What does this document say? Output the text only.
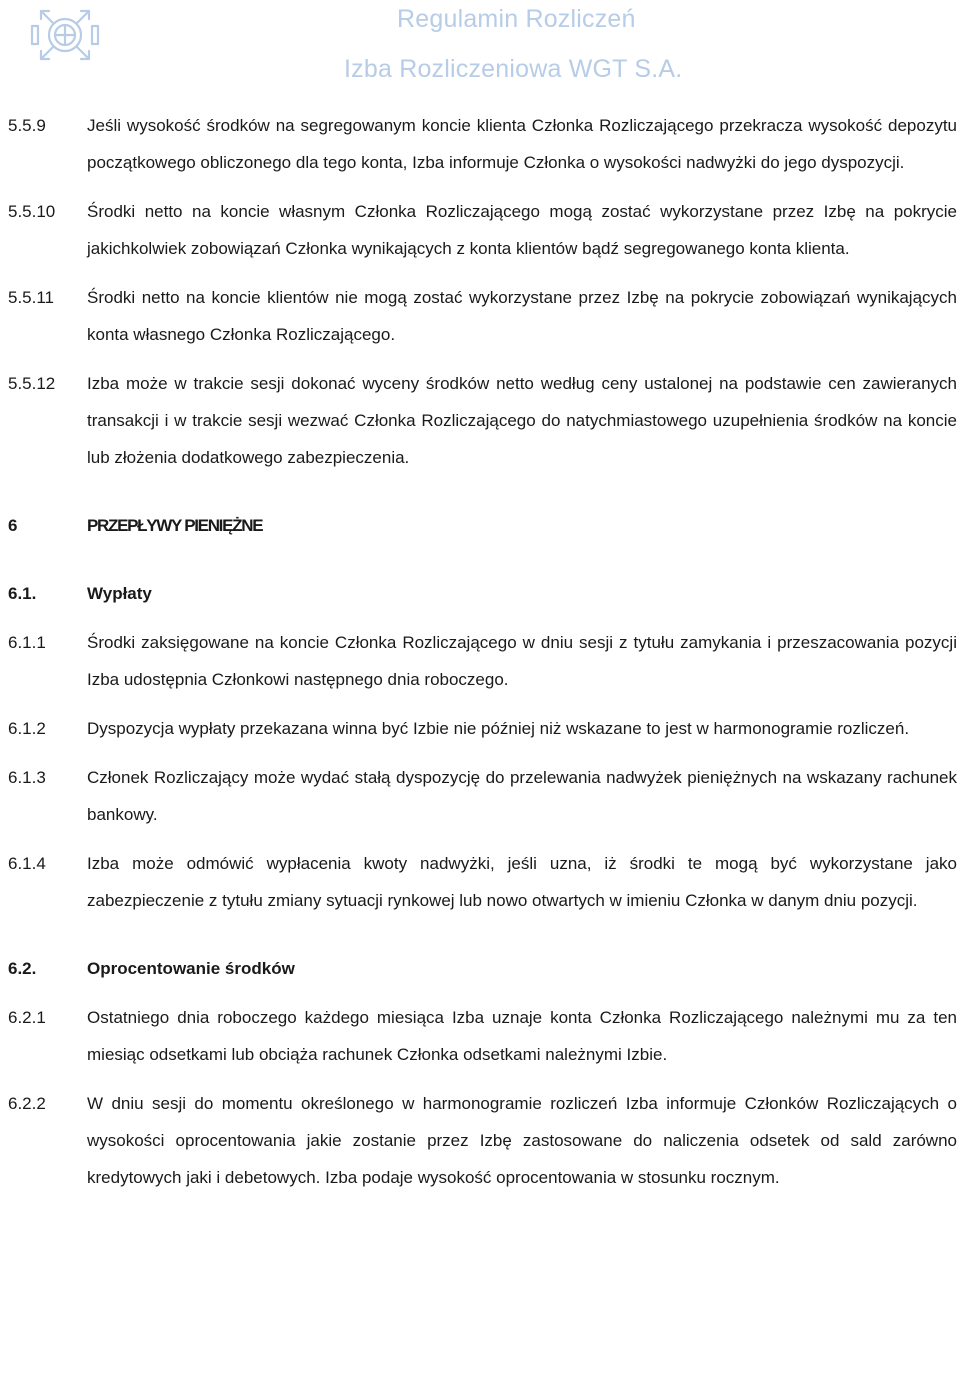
Regulamin Rozliczeń
Izba Rozliczeniowa WGT S.A.
5.5.9 Jeśli wysokość środków na segregowanym koncie klienta Członka Rozliczającego przekracza wysokość depozytu początkowego obliczonego dla tego konta, Izba informuje Członka o wysokości nadwyżki do jego dyspozycji.
5.5.10 Środki netto na koncie własnym Członka Rozliczającego mogą zostać wykorzystane przez Izbę na pokrycie jakichkolwiek zobowiązań Członka wynikających z konta klientów bądź segregowanego konta klienta.
5.5.11 Środki netto na koncie klientów nie mogą zostać wykorzystane przez Izbę na pokrycie zobowiązań wynikających konta własnego Członka Rozliczającego.
5.5.12 Izba może w trakcie sesji dokonać wyceny środków netto według ceny ustalonej na podstawie cen zawieranych transakcji i w trakcie sesji wezwać Członka Rozliczającego do natychmiastowego uzupełnienia środków na koncie lub złożenia dodatkowego zabezpieczenia.
6	PRZEPŁYWY PIENIĘŻNE
6.1.	Wypłaty
6.1.1 Środki zaksięgowane na koncie Członka Rozliczającego w dniu sesji z tytułu zamykania i przeszacowania pozycji Izba udostępnia Członkowi następnego dnia roboczego.
6.1.2 Dyspozycja wypłaty przekazana winna być Izbie nie później niż wskazane to jest w harmonogramie rozliczeń.
6.1.3 Członek Rozliczający może wydać stałą dyspozycję do przelewania nadwyżek pieniężnych na wskazany rachunek bankowy.
6.1.4 Izba może odmówić wypłacenia kwoty nadwyżki, jeśli uzna, iż środki te mogą być wykorzystane jako zabezpieczenie z tytułu zmiany sytuacji rynkowej lub nowo otwartych w imieniu Członka w danym dniu pozycji.
6.2.	Oprocentowanie środków
6.2.1 Ostatniego dnia roboczego każdego miesiąca Izba uznaje konta Członka Rozliczającego należnymi mu za ten miesiąc odsetkami lub obciąża rachunek Członka odsetkami należnymi Izbie.
6.2.2 W dniu sesji do momentu określonego w harmonogramie rozliczeń Izba informuje Członków Rozliczających o wysokości oprocentowania jakie zostanie przez Izbę zastosowane do naliczenia odsetek od sald zarówno kredytowych jaki i debetowych. Izba podaje wysokość oprocentowania w stosunku rocznym.
